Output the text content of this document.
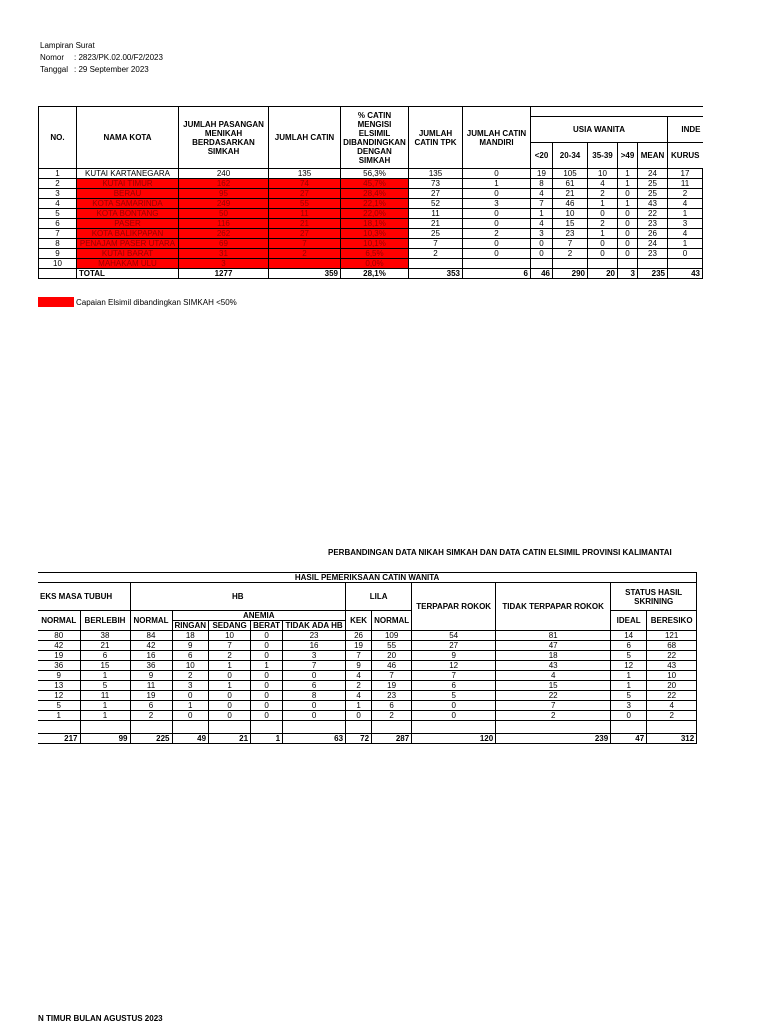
Lampiran Surat
Nomor : 2823/PK.02.00/F2/2023
Tanggal : 29 September 2023
NO.	NAMA KOTA	JUMLAH PASANGAN MENIKAH BERDASARKAN SIMKAH	JUMLAH CATIN	% CATIN MENGISI ELSIMIL DIBANDINGKAN DENGAN SIMKAH	JUMLAH CATIN TPK	JUMLAH CATIN MANDIRI						
							USIA WANITA					INDE
							<20	20-34	35-39	>49	MEAN	KURUS
1	KUTAI KARTANEGARA	240	135	56,3%	135	0	19	105	10	1	24	17
2	KUTAI TIMUR	162	74	45,7%	73	1	8	61	4	1	25	11
3	BERAU	95	27	28,4%	27	0	4	21	2	0	25	2
4	KOTA SAMARINDA	249	55	22,1%	52	3	7	46	1	1	43	4
5	KOTA BONTANG	50	11	22,0%	11	0	1	10	0	0	22	1
6	PASER	116	21	18,1%	21	0	4	15	2	0	23	3
7	KOTA BALIKPAPAN	262	27	10,3%	25	2	3	23	1	0	26	4
8	PENAJAM PASER UTARA	69	7	10,1%	7	0	0	7	0	0	24	1
9	KUTAI BARAT	31	2	6,5%	2	0	0	2	0	0	23	0
10	MAHAKAM ULU	3		0,0%								
	TOTAL	1277	359	28,1%	353	6	46	290	20	3	235	43
Capaian Elsimil dibandingkan SIMKAH <50%
PERBANDINGAN DATA NIKAH SIMKAH DAN DATA CATIN ELSIMIL PROVINSI KALIMANTAI
HASIL PEMERIKSAAN CATIN WANITA												
EKS MASA TUBUH		HB					LILA		TERPAPAR ROKOK	TIDAK TERPAPAR ROKOK	STATUS HASIL SKRINING	
NORMAL	BERLEBIH	NORMAL	ANEMIA				KEK	NORMAL			IDEAL	BERESIKO
			RINGAN	SEDANG	BERAT	TIDAK ADA HB						
80	38	84	18	10	0	23	26	109	54	81	14	121
42	21	42	9	7	0	16	19	55	27	47	6	68
19	6	16	6	2	0	3	7	20	9	18	5	22
36	15	36	10	1	1	7	9	46	12	43	12	43
9	1	9	2	0	0	0	4	7	7	4	1	10
13	5	11	3	1	0	6	2	19	6	15	1	20
12	11	19	0	0	0	8	4	23	5	22	5	22
5	1	6	1	0	0	0	1	6	0	7	3	4
1	1	2	0	0	0	0	0	2	0	2	0	2

217	99	225	49	21	1	63	72	287	120	239	47	312
N TIMUR BULAN AGUSTUS 2023
